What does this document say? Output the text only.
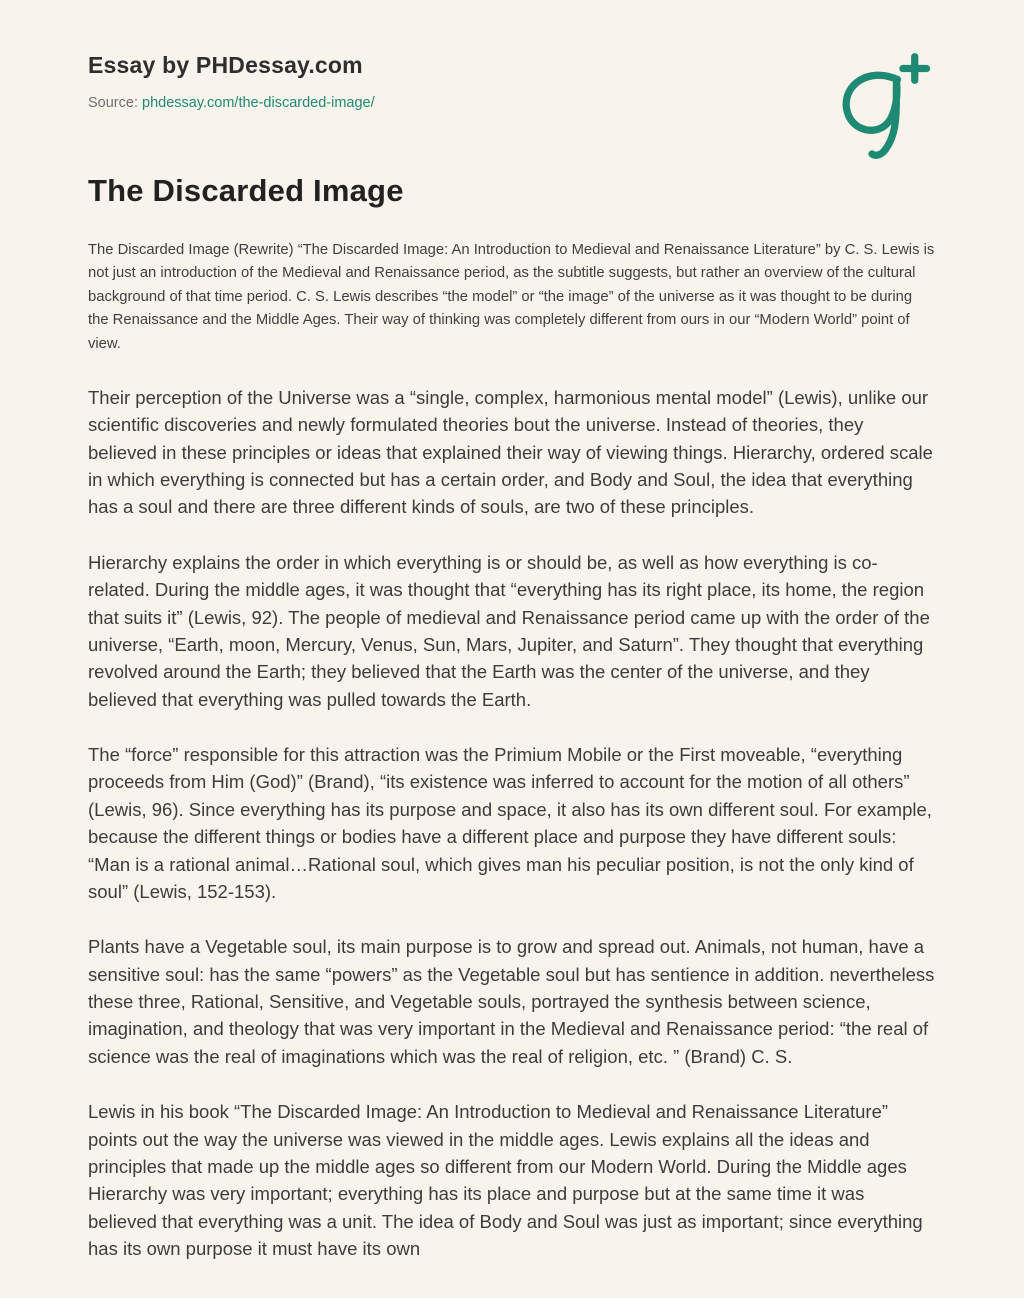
Essay by PHDessay.com
Source: phdessay.com/the-discarded-image/
The Discarded Image

The Discarded Image (Rewrite) “The Discarded Image: An Introduction to Medieval and Renaissance Literature” by C. S. Lewis is not just an introduction of the Medieval and Renaissance period, as the subtitle suggests, but rather an overview of the cultural background of that time period. C. S. Lewis describes “the model” or “the image” of the universe as it was thought to be during the Renaissance and the Middle Ages. Their way of thinking was completely different from ours in our “Modern World” point of view.

Their perception of the Universe was a “single, complex, harmonious mental model” (Lewis), unlike our scientific discoveries and newly formulated theories bout the universe. Instead of theories, they believed in these principles or ideas that explained their way of viewing things. Hierarchy, ordered scale in which everything is connected but has a certain order, and Body and Soul, the idea that everything has a soul and there are three different kinds of souls, are two of these principles.

Hierarchy explains the order in which everything is or should be, as well as how everything is co-related. During the middle ages, it was thought that “everything has its right place, its home, the region that suits it” (Lewis, 92). The people of medieval and Renaissance period came up with the order of the universe, “Earth, moon, Mercury, Venus, Sun, Mars, Jupiter, and Saturn”. They thought that everything revolved around the Earth; they believed that the Earth was the center of the universe, and they believed that everything was pulled towards the Earth.

The “force” responsible for this attraction was the Primium Mobile or the First moveable, “everything proceeds from Him (God)” (Brand), “its existence was inferred to account for the motion of all others” (Lewis, 96). Since everything has its purpose and space, it also has its own different soul. For example, because the different things or bodies have a different place and purpose they have different souls: “Man is a rational animal…Rational soul, which gives man his peculiar position, is not the only kind of soul” (Lewis, 152-153).

Plants have a Vegetable soul, its main purpose is to grow and spread out. Animals, not human, have a sensitive soul: has the same “powers” as the Vegetable soul but has sentience in addition. nevertheless these three, Rational, Sensitive, and Vegetable souls, portrayed the synthesis between science, imagination, and theology that was very important in the Medieval and Renaissance period: “the real of science was the real of imaginations which was the real of religion, etc. ” (Brand) C. S.

Lewis in his book “The Discarded Image: An Introduction to Medieval and Renaissance Literature” points out the way the universe was viewed in the middle ages. Lewis explains all the ideas and principles that made up the middle ages so different from our Modern World. During the Middle ages Hierarchy was very important; everything has its place and purpose but at the same time it was believed that everything was a unit. The idea of Body and Soul was just as important; since everything has its own purpose it must have its own
